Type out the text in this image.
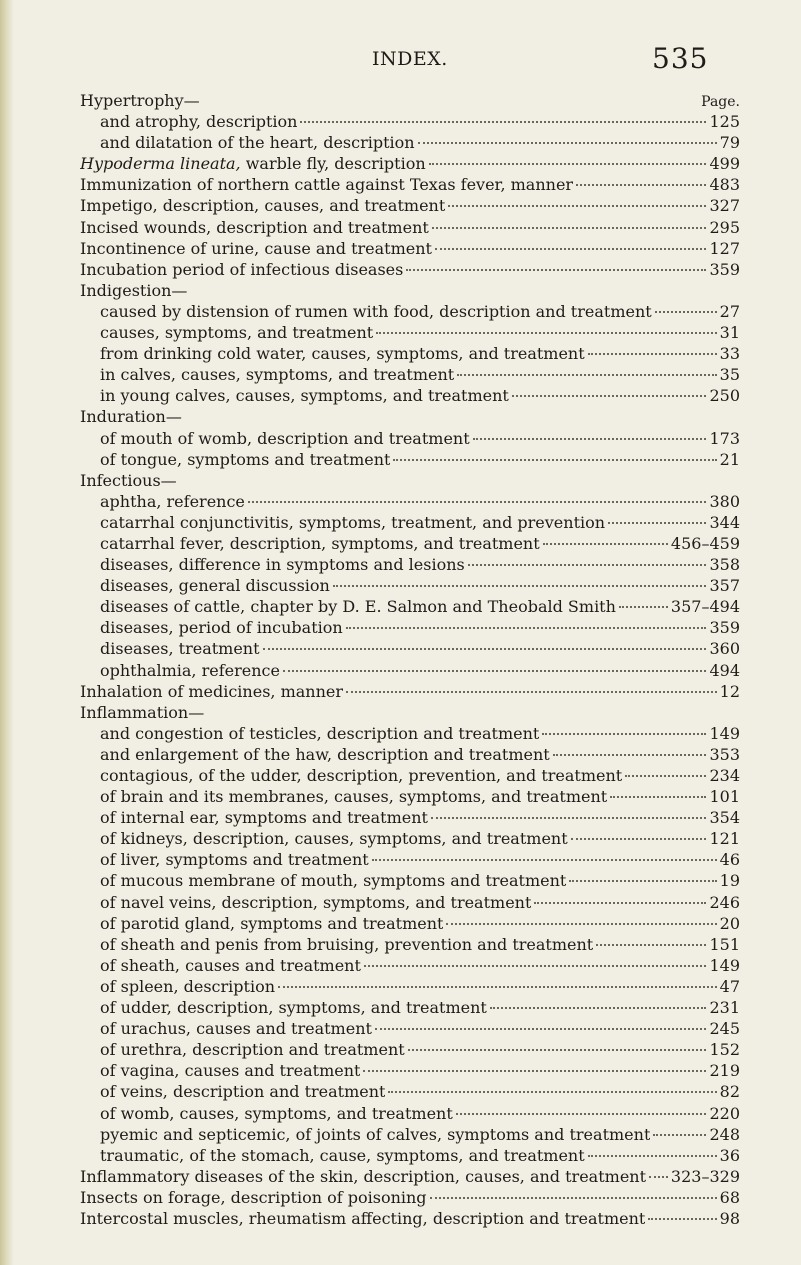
INDEX.	535
Hypertrophy—	Page.
and atrophy, description	125
and dilatation of the heart, description	79
Hypoderma lineata, warble fly, description	499
Immunization of northern cattle against Texas fever, manner	483
Impetigo, description, causes, and treatment	327
Incised wounds, description and treatment	295
Incontinence of urine, cause and treatment	127
Incubation period of infectious diseases	359
Indigestion—
caused by distension of rumen with food, description and treatment	27
causes, symptoms, and treatment	31
from drinking cold water, causes, symptoms, and treatment	33
in calves, causes, symptoms, and treatment	35
in young calves, causes, symptoms, and treatment	250
Induration—
of mouth of womb, description and treatment	173
of tongue, symptoms and treatment	21
Infectious—
aphtha, reference	380
catarrhal conjunctivitis, symptoms, treatment, and prevention	344
catarrhal fever, description, symptoms, and treatment	456–459
diseases, difference in symptoms and lesions	358
diseases, general discussion	357
diseases of cattle, chapter by D. E. Salmon and Theobald Smith	357–494
diseases, period of incubation	359
diseases, treatment	360
ophthalmia, reference	494
Inhalation of medicines, manner	12
Inflammation—
and congestion of testicles, description and treatment	149
and enlargement of the haw, description and treatment	353
contagious, of the udder, description, prevention, and treatment	234
of brain and its membranes, causes, symptoms, and treatment	101
of internal ear, symptoms and treatment	354
of kidneys, description, causes, symptoms, and treatment	121
of liver, symptoms and treatment	46
of mucous membrane of mouth, symptoms and treatment	19
of navel veins, description, symptoms, and treatment	246
of parotid gland, symptoms and treatment	20
of sheath and penis from bruising, prevention and treatment	151
of sheath, causes and treatment	149
of spleen, description	47
of udder, description, symptoms, and treatment	231
of urachus, causes and treatment	245
of urethra, description and treatment	152
of vagina, causes and treatment	219
of veins, description and treatment	82
of womb, causes, symptoms, and treatment	220
pyemic and septicemic, of joints of calves, symptoms and treatment	248
traumatic, of the stomach, cause, symptoms, and treatment	36
Inflammatory diseases of the skin, description, causes, and treatment 323–329
Insects on forage, description of poisoning	68
Intercostal muscles, rheumatism affecting, description and treatment	98
